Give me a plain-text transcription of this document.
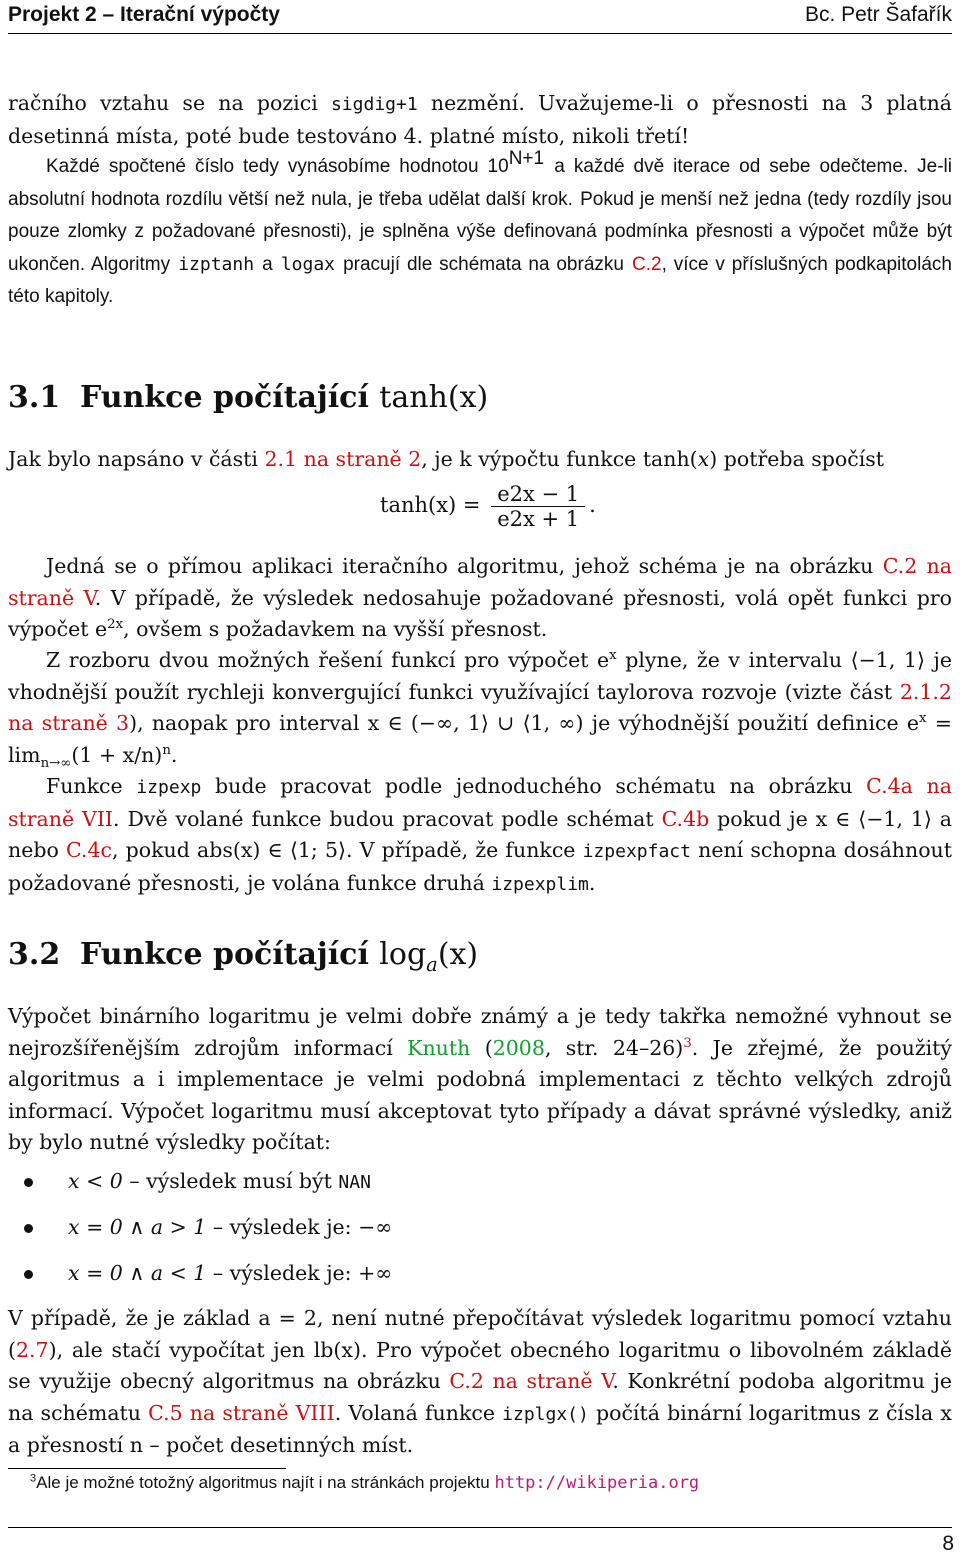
Projekt 2 – Iterační výpočty	Bc. Petr Šafařík
račního vztahu se na pozici sigdig+1 nezmění. Uvažujeme-li o přesnosti na 3 platná desetinná místa, poté bude testováno 4. platné místo, nikoli třetí!
Každé spočtené číslo tedy vynásobíme hodnotou $10^{N+1}$ a každé dvě iterace od sebe odečteme. Je-li absolutní hodnota rozdílu větší než nula, je třeba udělat další krok. Pokud je menší než jedna (tedy rozdíly jsou pouze zlomky z požadované přesnosti), je splněna výše definovaná podmínka přesnosti a výpočet může být ukončen. Algoritmy izptanh a logax pracují dle schémata na obrázku C.2, více v příslušných podkapitolách této kapitoly.
3.1 Funkce počítající tanh(x)
Jak bylo napsáno v části 2.1 na straně 2, je k výpočtu funkce tanh(x) potřeba spočíst
$\tanh(x) = \frac{e2x - 1}{e2x + 1}$ .
Jedná se o přímou aplikaci iteračního algoritmu, jehož schéma je na obrázku C.2 na straně V. V případě, že výsledek nedosahuje požadované přesnosti, volá opět funkci pro výpočet $e^{2x}$, ovšem s požadavkem na vyšší přesnost.
Z rozboru dvou možných řešení funkcí pro výpočet $e^x$ plyne, že v intervalu ⟨−1, 1⟩ je vhodnější použít rychleji konvergující funkci využívající taylorova rozvoje (vizte část 2.1.2 na straně 3), naopak pro interval x ∈ (−∞, 1⟩ ∪ ⟨1, ∞) je výhodnější použití definice $e^x = \lim_{n\to\infty}(1 + x/n)^n$.
Funkce izpexp bude pracovat podle jednoduchého schématu na obrázku C.4a na straně VII. Dvě volané funkce budou pracovat podle schémat C.4b pokud je x ∈ ⟨−1, 1⟩ a nebo C.4c, pokud abs(x) ∈ ⟨1; 5⟩. V případě, že funkce izpexpfact není schopna dosáhnout požadované přesnosti, je volána funkce druhá izpexplim.
3.2 Funkce počítající $\log_a(x)$
Výpočet binárního logaritmu je velmi dobře známý a je tedy takřka nemožné vyhnout se nejrozšířenějším zdrojům informací Knuth (2008, str. 24–26)$^3$. Je zřejmé, že použitý algoritmus a i implementace je velmi podobná implementaci z těchto velkých zdrojů informací. Výpočet logaritmu musí akceptovat tyto případy a dávat správné výsledky, aniž by bylo nutné výsledky počítat:
x < 0 – výsledek musí být NAN
x = 0 ∧ a > 1 – výsledek je: −∞
x = 0 ∧ a < 1 – výsledek je: +∞
V případě, že je základ a = 2, není nutné přepočítávat výsledek logaritmu pomocí vztahu (2.7), ale stačí vypočítat jen lb(x). Pro výpočet obecného logaritmu o libovolném základě se využije obecný algoritmus na obrázku C.2 na straně V. Konkrétní podoba algoritmu je na schématu C.5 na straně VIII. Volaná funkce izplgx() počítá binární logaritmus z čísla x a přesností n – počet desetinných míst.
$^3$Ale je možné totožný algoritmus najít i na stránkách projektu http://wikiperia.org
8
